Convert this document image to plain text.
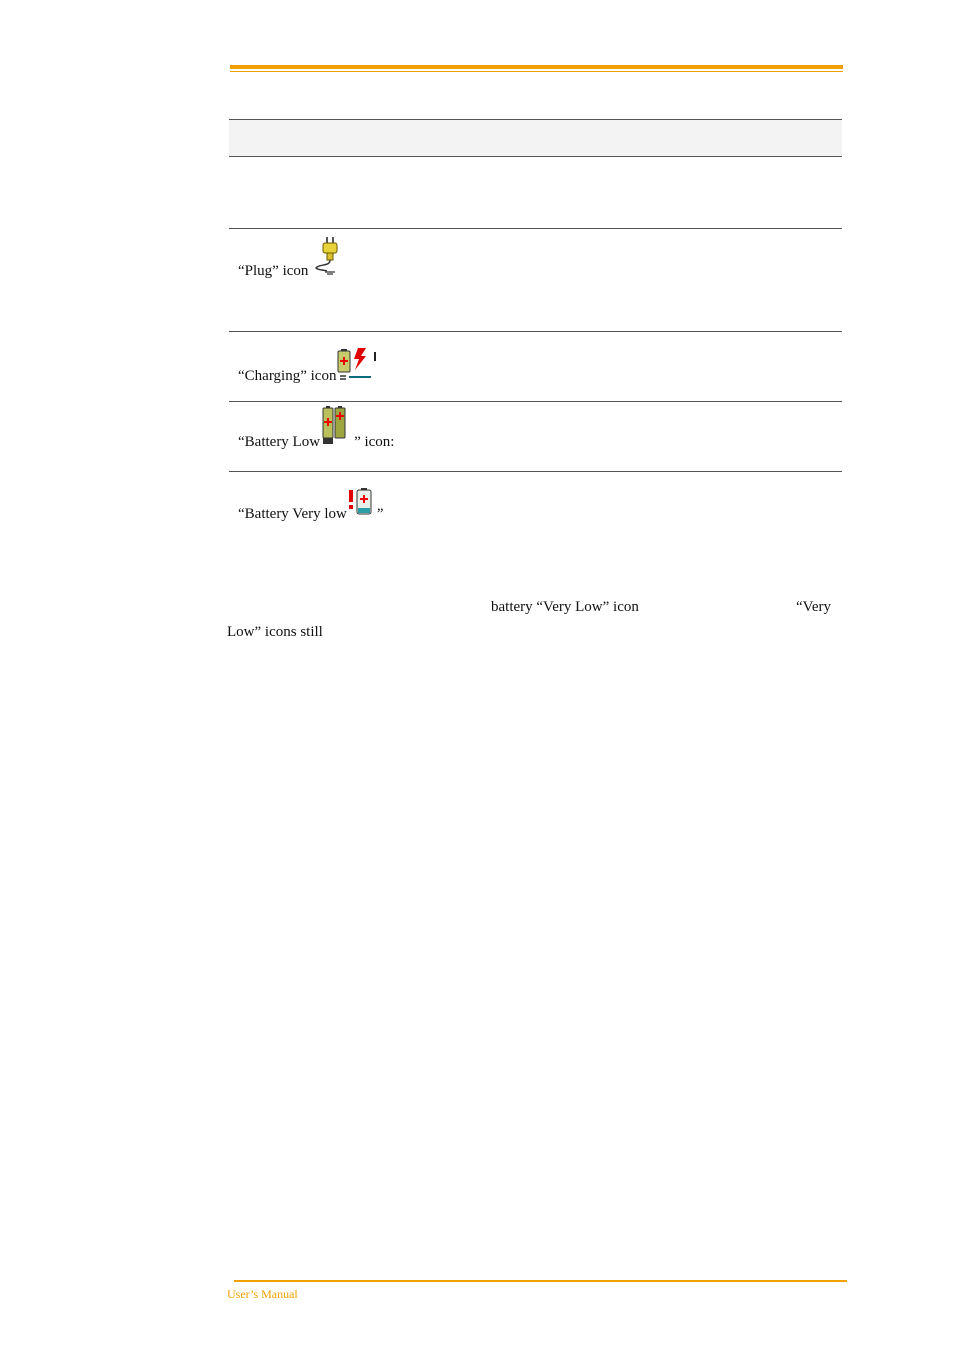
“Plug” icon
“Charging” icon
“Battery Low ” icon:
“Battery Very low ”
battery “Very Low” icon	“Very
Low” icons still
User’s Manual
